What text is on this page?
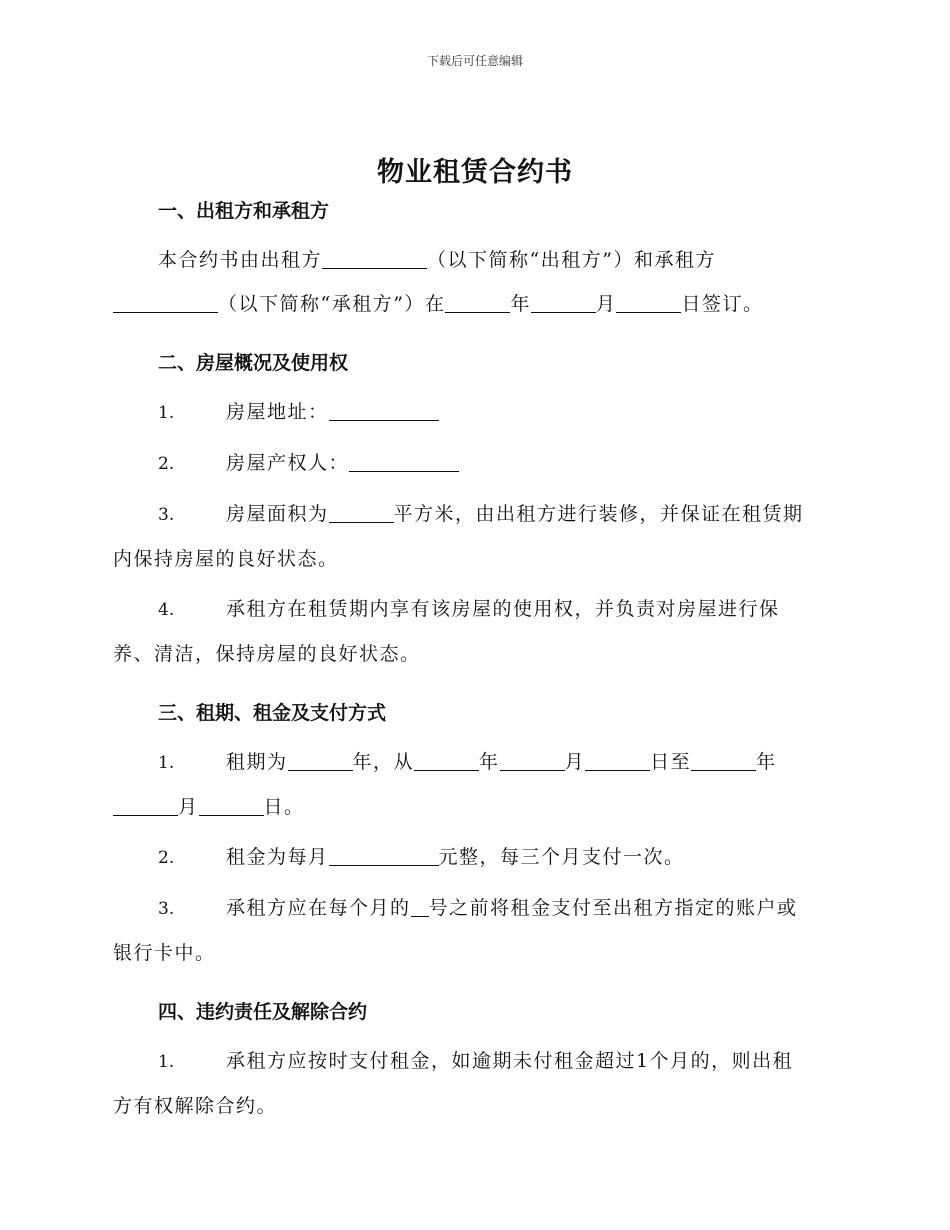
下载后可任意编辑
物业租赁合约书
一、出租方和承租方

本合约书由出租方	（以下简称“出租方”）和承租方

（以下简称“承租方”）在	年	月	日签订。

二、房屋概况及使用权

1.	房屋地址：

2.	房屋产权人：

3.	房屋面积为	平方米，由出租方进行装修，并保证在租赁期

内保持房屋的良好状态。

4.	承租方在租赁期内享有该房屋的使用权，并负责对房屋进行保

养、清洁，保持房屋的良好状态。

三、租期、租金及支付方式

1.	租期为	年，从	年	月	日至	年

月	日。

2.	租金为每月	元整，每三个月支付一次。

3.	承租方应在每个月的 号之前将租金支付至出租方指定的账户或

银行卡中。

四、违约责任及解除合约

1.	承租方应按时支付租金，如逾期未付租金超过1个月的，则出租

方有权解除合约。
